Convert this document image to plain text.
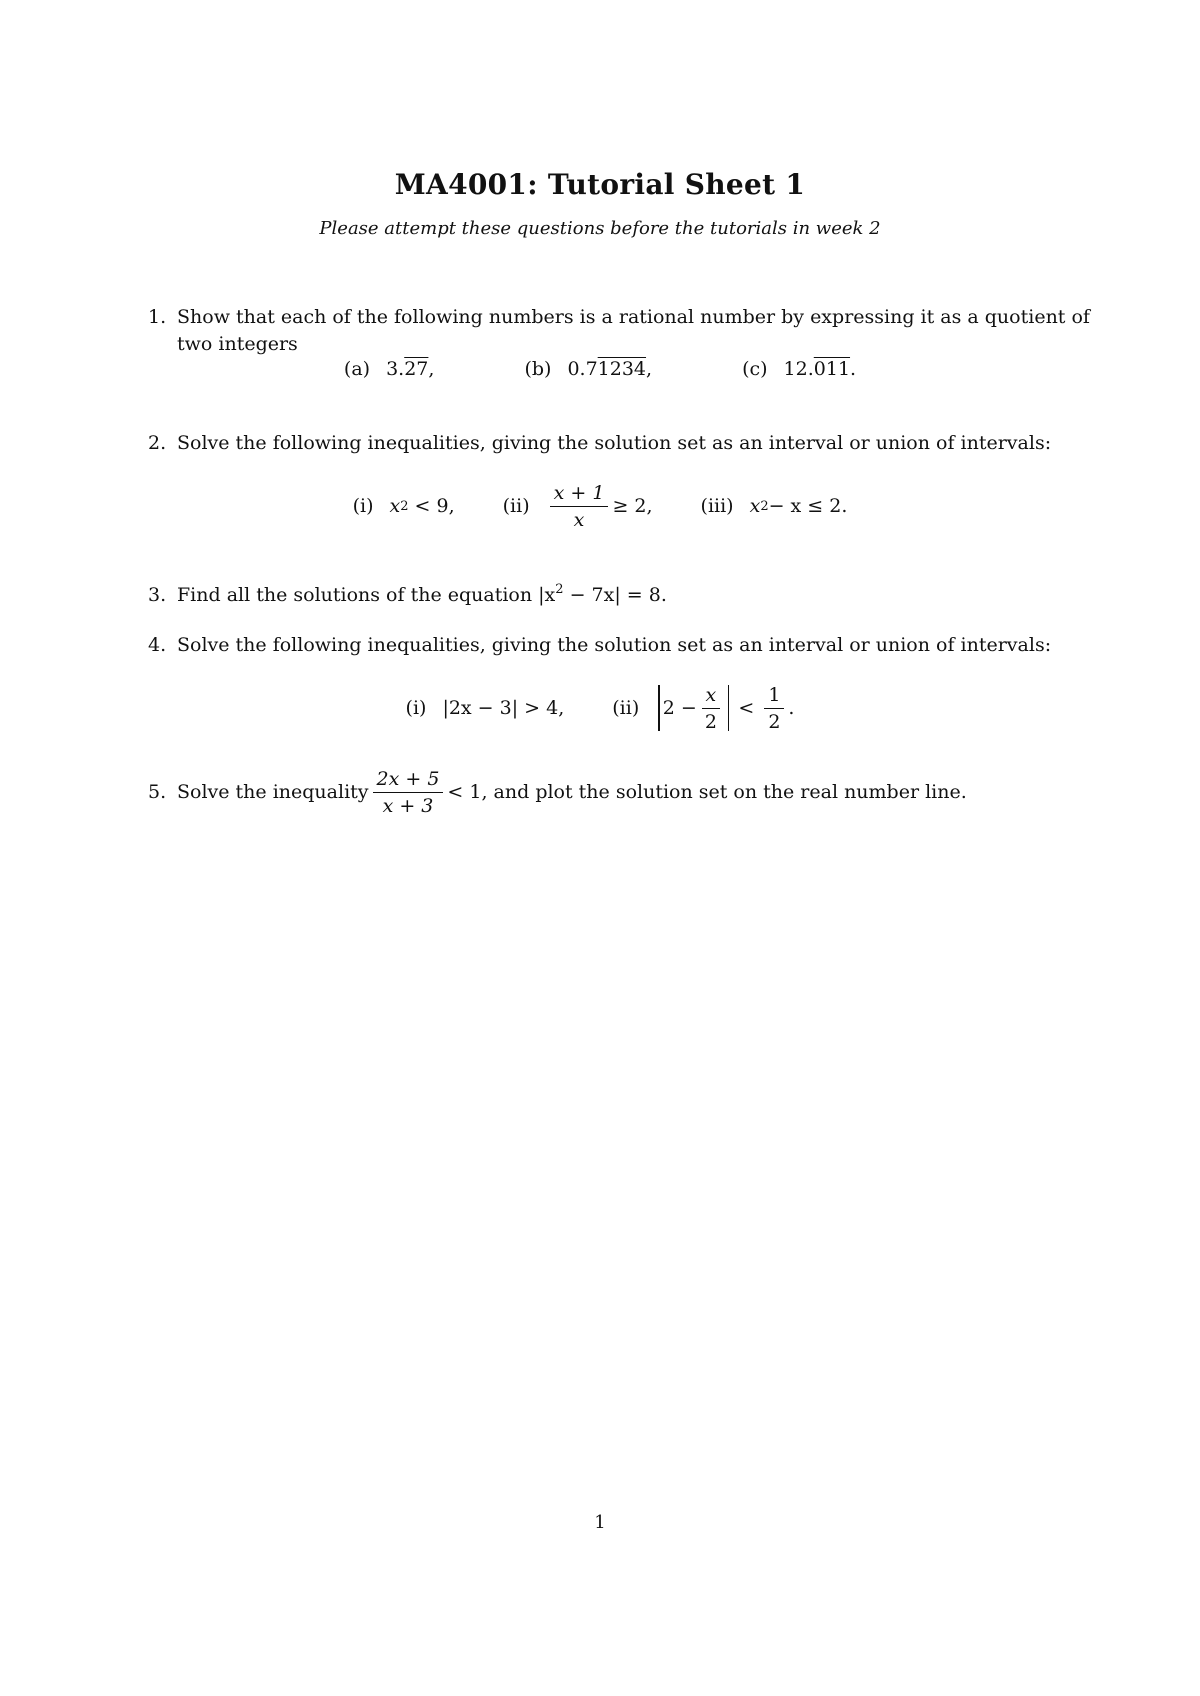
MA4001: Tutorial Sheet 1
Please attempt these questions before the tutorials in week 2
1. Show that each of the following numbers is a rational number by expressing it as a quotient of
two integers
(a) 3. 27 ,	(b) 0.7 1234 ,	(c) 12. 011 .
2. Solve the following inequalities, giving the solution set as an interval or union of intervals:
(i) x 2
< 9,	$(ii) \frac{x + 1}{x} \ge 2$,	(iii) x 2 − x ≤ 2.
3. Find all the solutions of the equation $|x^2 - 7x| = 8$.
4. Solve the following inequalities, giving the solution set as an interval or union of intervals:
(i) |2x − 3| > 4,	(ii) $2 - \frac{x}{2} < \frac{1}{2}$ .
5. Solve the inequality $\frac{2x + 5}{x + 3} < 1$, and plot the solution set on the real number line.
1
